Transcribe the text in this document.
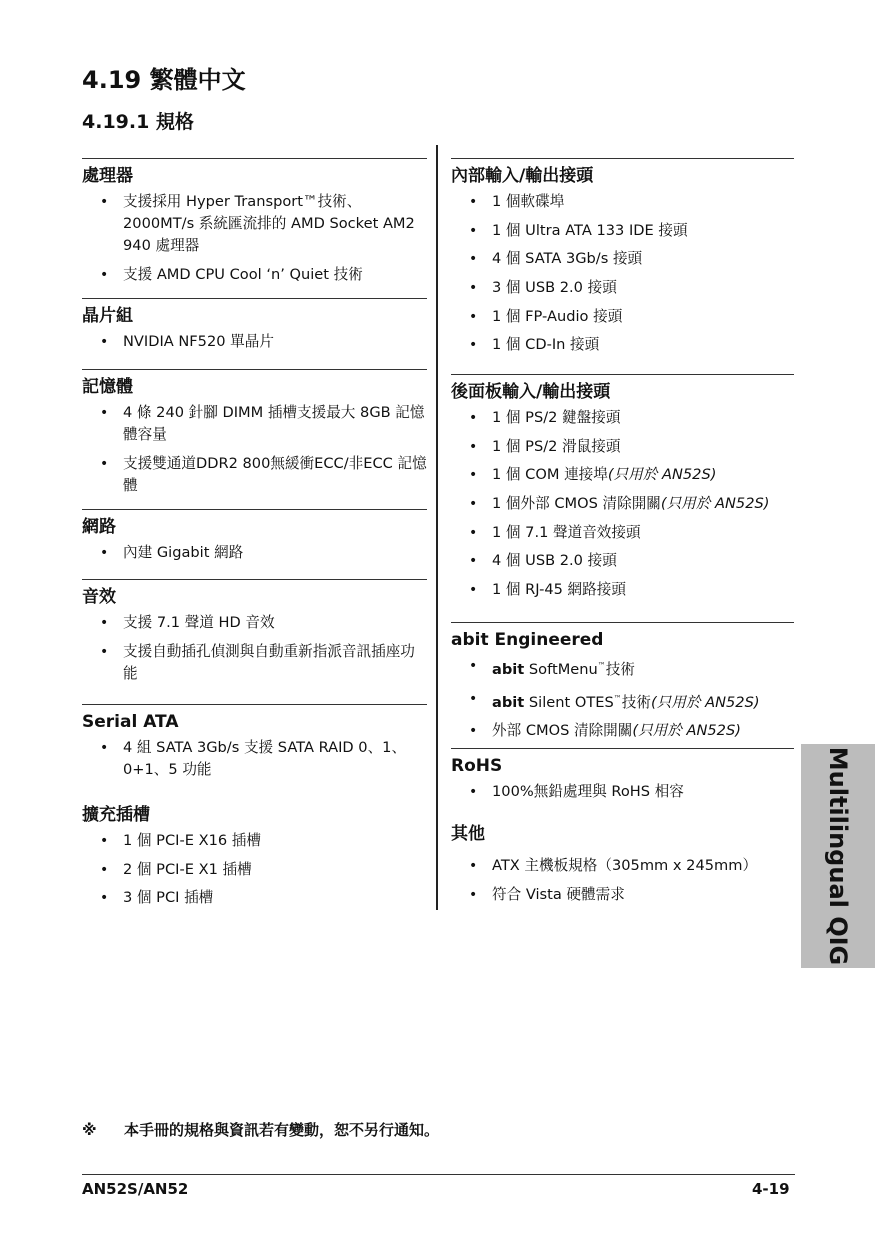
4.19 繁體中文
4.19.1 規格
處理器
• 支援採用 Hyper Transport™技術、2000MT/s 系統匯流排的 AMD Socket AM2 940 處理器
• 支援 AMD CPU Cool ‘n’ Quiet 技術
晶片組
• NVIDIA NF520 單晶片
記憶體
• 4 條 240 針腳 DIMM 插槽支援最大 8GB 記憶體容量
• 支援雙通道DDR2 800無緩衝ECC/非ECC 記憶體
網路
• 內建 Gigabit 網路
音效
• 支援 7.1 聲道 HD 音效
• 支援自動插孔偵測與自動重新指派音訊插座功能
Serial ATA
• 4 組 SATA 3Gb/s 支援 SATA RAID 0、1、0+1、5 功能
擴充插槽
• 1 個 PCI-E X16 插槽
• 2 個 PCI-E X1 插槽
• 3 個 PCI 插槽
內部輸入/輸出接頭
• 1 個軟碟埠
• 1 個 Ultra ATA 133 IDE 接頭
• 4 個 SATA 3Gb/s 接頭
• 3 個 USB 2.0 接頭
• 1 個 FP-Audio 接頭
• 1 個 CD-In 接頭
後面板輸入/輸出接頭
• 1 個 PS/2 鍵盤接頭
• 1 個 PS/2 滑鼠接頭
• 1 個 COM 連接埠(只用於 AN52S)
• 1 個外部 CMOS 清除開關(只用於 AN52S)
• 1 個 7.1 聲道音效接頭
• 4 個 USB 2.0 接頭
• 1 個 RJ-45 網路接頭
abit Engineered
• abit SoftMenu™技術
• abit Silent OTES™技術(只用於 AN52S)
• 外部 CMOS 清除開關(只用於 AN52S)
RoHS
• 100%無鉛處理與 RoHS 相容
其他
• ATX 主機板規格（305mm x 245mm）
• 符合 Vista 硬體需求	Multilingual QIG

※ 本手冊的規格與資訊若有變動，恕不另行通知。

AN52S/AN52	4-19
